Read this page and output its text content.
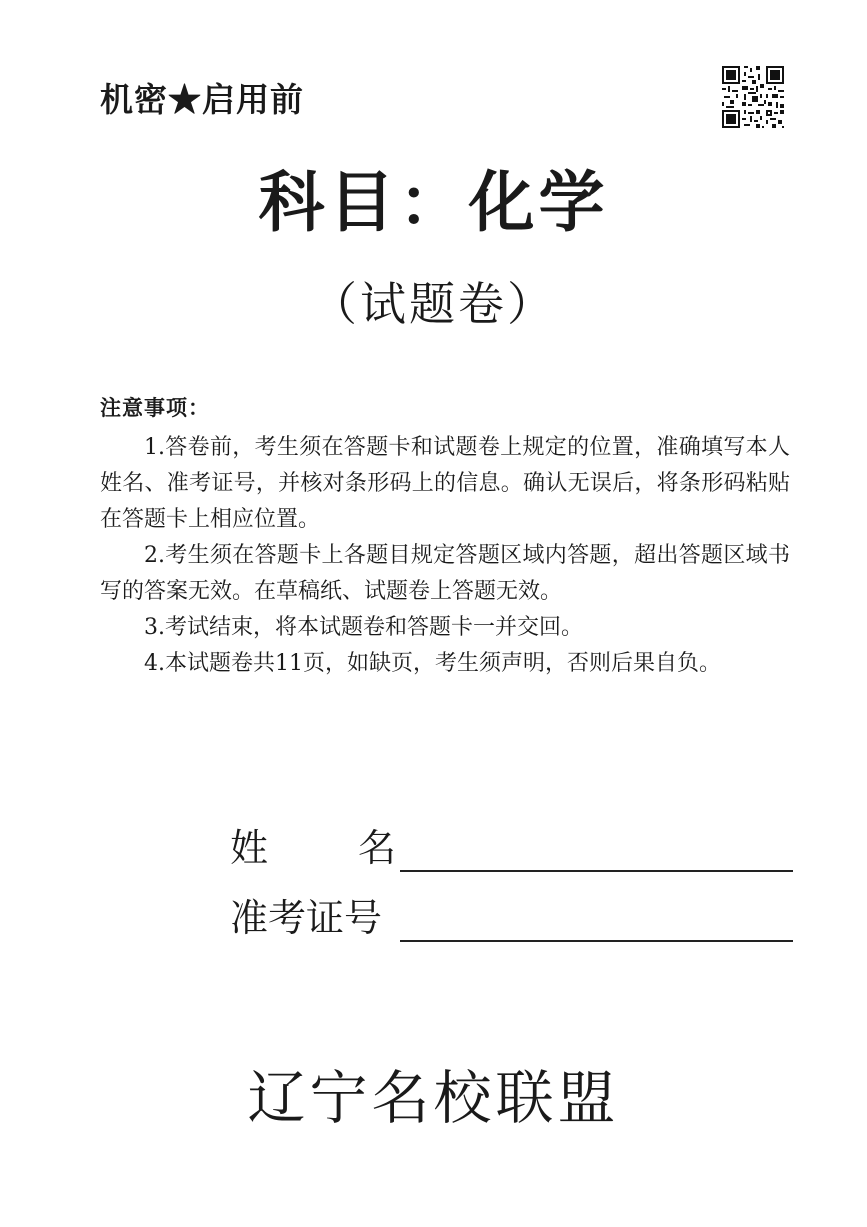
机密★启用前
科目：化学
（试题卷）
注意事项：

1.答卷前，考生须在答题卡和试题卷上规定的位置，准确填写本人姓名、准考证号，并核对条形码上的信息。确认无误后，将条形码粘贴在答题卡上相应位置。

2.考生须在答题卡上各题目规定答题区域内答题，超出答题区域书写的答案无效。在草稿纸、试题卷上答题无效。

3.考试结束，将本试题卷和答题卡一并交回。

4.本试题卷共11页，如缺页，考生须声明，否则后果自负。

姓 名
准考证号
辽宁名校联盟
